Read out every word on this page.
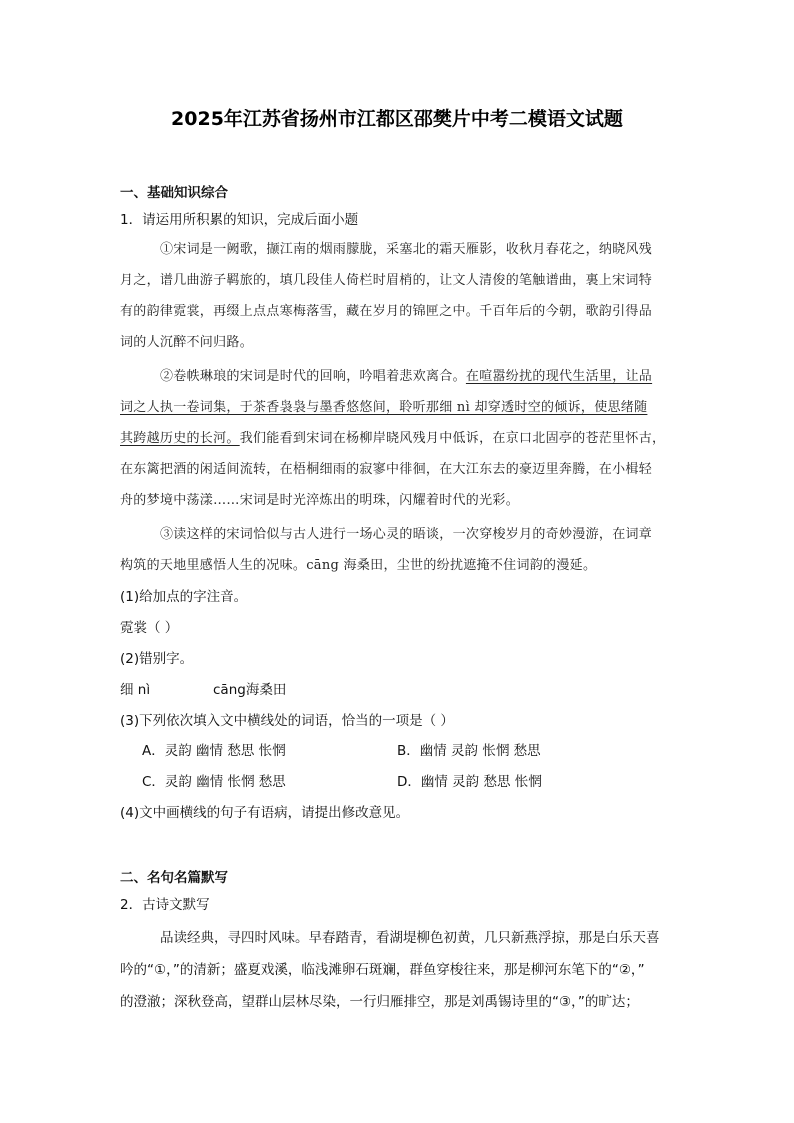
2025年江苏省扬州市江都区邵樊片中考二模语文试题
一、基础知识综合
1．请运用所积累的知识，完成后面小题
①宋词是一阙歌，撷江南的烟雨朦胧，采塞北的霜天雁影，收秋月春花之，纳晓风残
月之，谱几曲游子羁旅的，填几段佳人倚栏时眉梢的，让文人清俊的笔触谱曲，裏上宋词特
有的韵律霓裳，再缀上点点寒梅落雪，藏在岁月的锦匣之中。千百年后的今朝，歌韵引得品
词的人沉醉不问归路。
②卷帙琳琅的宋词是时代的回响，吟唱着悲欢离合。在喧嚣纷扰的现代生活里，让品
词之人执一卷词集，于茶香袅袅与墨香悠悠间，聆听那细 nì 却穿透时空的倾诉，使思绪随
其跨越历史的长河。我们能看到宋词在杨柳岸晓风残月中低诉，在京口北固亭的苍茫里怀古，
在东篱把酒的闲适间流转，在梧桐细雨的寂寥中徘徊，在大江东去的豪迈里奔腾，在小楫轻
舟的梦境中荡漾……宋词是时光淬炼出的明珠，闪耀着时代的光彩。
③读这样的宋词恰似与古人进行一场心灵的晤谈，一次穿梭岁月的奇妙漫游，在词章
构筑的天地里感悟人生的况味。cāng 海桑田，尘世的纷扰遮掩不住词韵的漫延。
(1)给加点的字注音。
霓裳（ ）
(2)错别字。
细 nì	cāng海桑田
(3)下列依次填入文中横线处的词语，恰当的一项是（ ）
A．灵韵 幽情 愁思 怅惘	B．幽情 灵韵 怅惘 愁思
C．灵韵 幽情 怅惘 愁思	D．幽情 灵韵 愁思 怅惘
(4)文中画横线的句子有语病，请提出修改意见。
二、名句名篇默写
2．古诗文默写
品读经典，寻四时风味。早春踏青，看湖堤柳色初黄，几只新燕浮掠，那是白乐天喜
吟的“①，”的清新；盛夏戏溪，临浅滩卵石斑斓，群鱼穿梭往来，那是柳河东笔下的“②，”
的澄澈；深秋登高，望群山层林尽染，一行归雁排空，那是刘禹锡诗里的“③，”的旷达；
